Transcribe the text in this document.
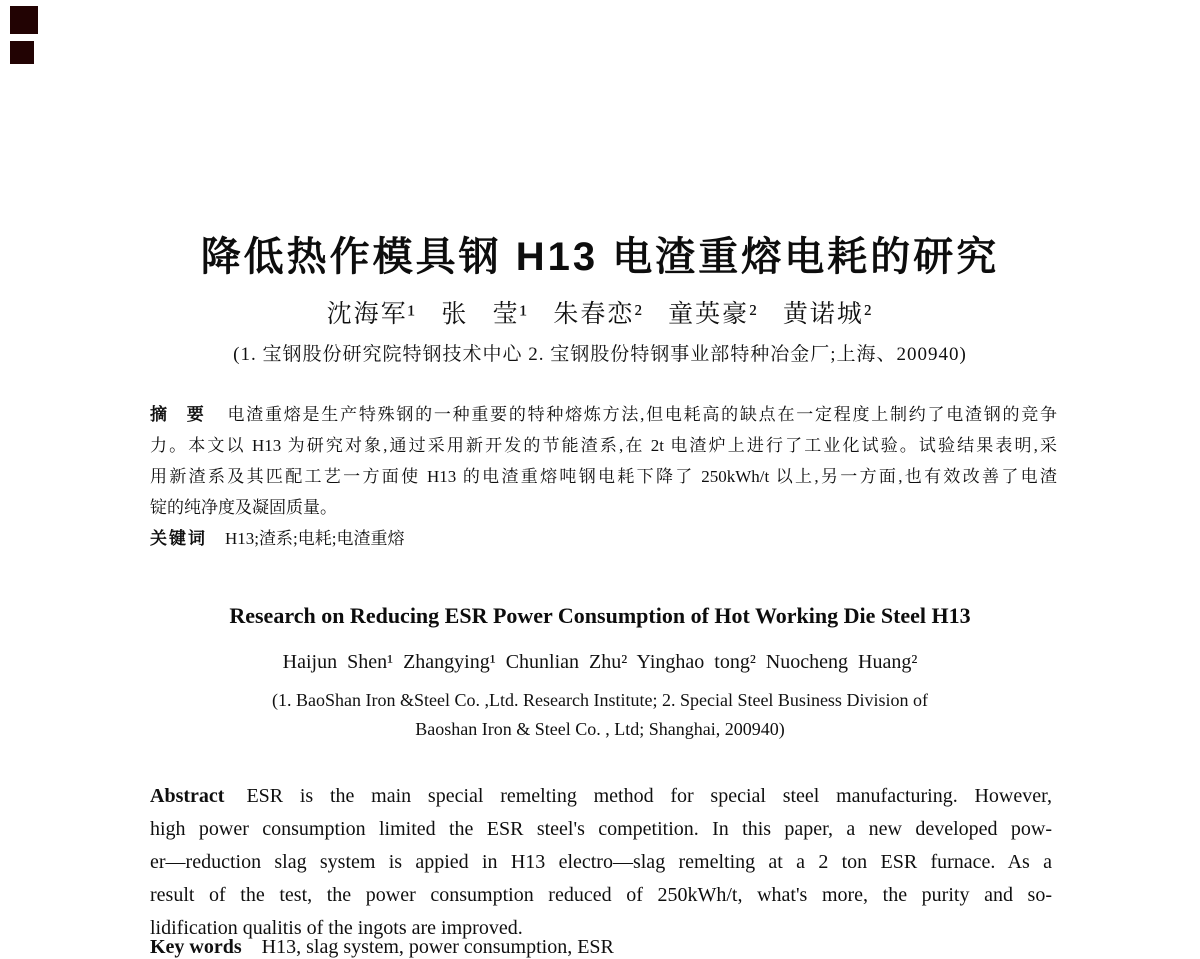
降低热作模具钢 H13 电渣重熔电耗的研究
沈海军¹ 张 莹¹ 朱春恋² 童英豪² 黄诺城²
(1. 宝钢股份研究院特钢技术中心 2. 宝钢股份特钢事业部特种冶金厂;上海、200940)
摘 要 电渣重熔是生产特殊钢的一种重要的特种熔炼方法,但电耗高的缺点在一定程度上制约了电渣钢的竞争
力。本文以 H13 为研究对象,通过采用新开发的节能渣系,在 2t 电渣炉上进行了工业化试验。试验结果表明,采
用新渣系及其匹配工艺一方面使 H13 的电渣重熔吨钢电耗下降了 250kWh/t 以上,另一方面,也有效改善了电渣
锭的纯净度及凝固质量。
关键词 H13;渣系;电耗;电渣重熔
Research on Reducing ESR Power Consumption of Hot Working Die Steel H13
Haijun Shen¹ Zhangying¹ Chunlian Zhu² Yinghao tong² Nuocheng Huang²
(1. BaoShan Iron &Steel Co. ,Ltd. Research Institute; 2. Special Steel Business Division of
Baoshan Iron & Steel Co. , Ltd; Shanghai, 200940)
Abstract ESR is the main special remelting method for special steel manufacturing. However,
high power consumption limited the ESR steel's competition. In this paper, a new developed pow-
er—reduction slag system is appied in H13 electro—slag remelting at a 2 ton ESR furnace. As a
result of the test, the power consumption reduced of 250kWh/t, what's more, the purity and so-
lidification qualitis of the ingots are improved.
Key words H13, slag system, power consumption, ESR
